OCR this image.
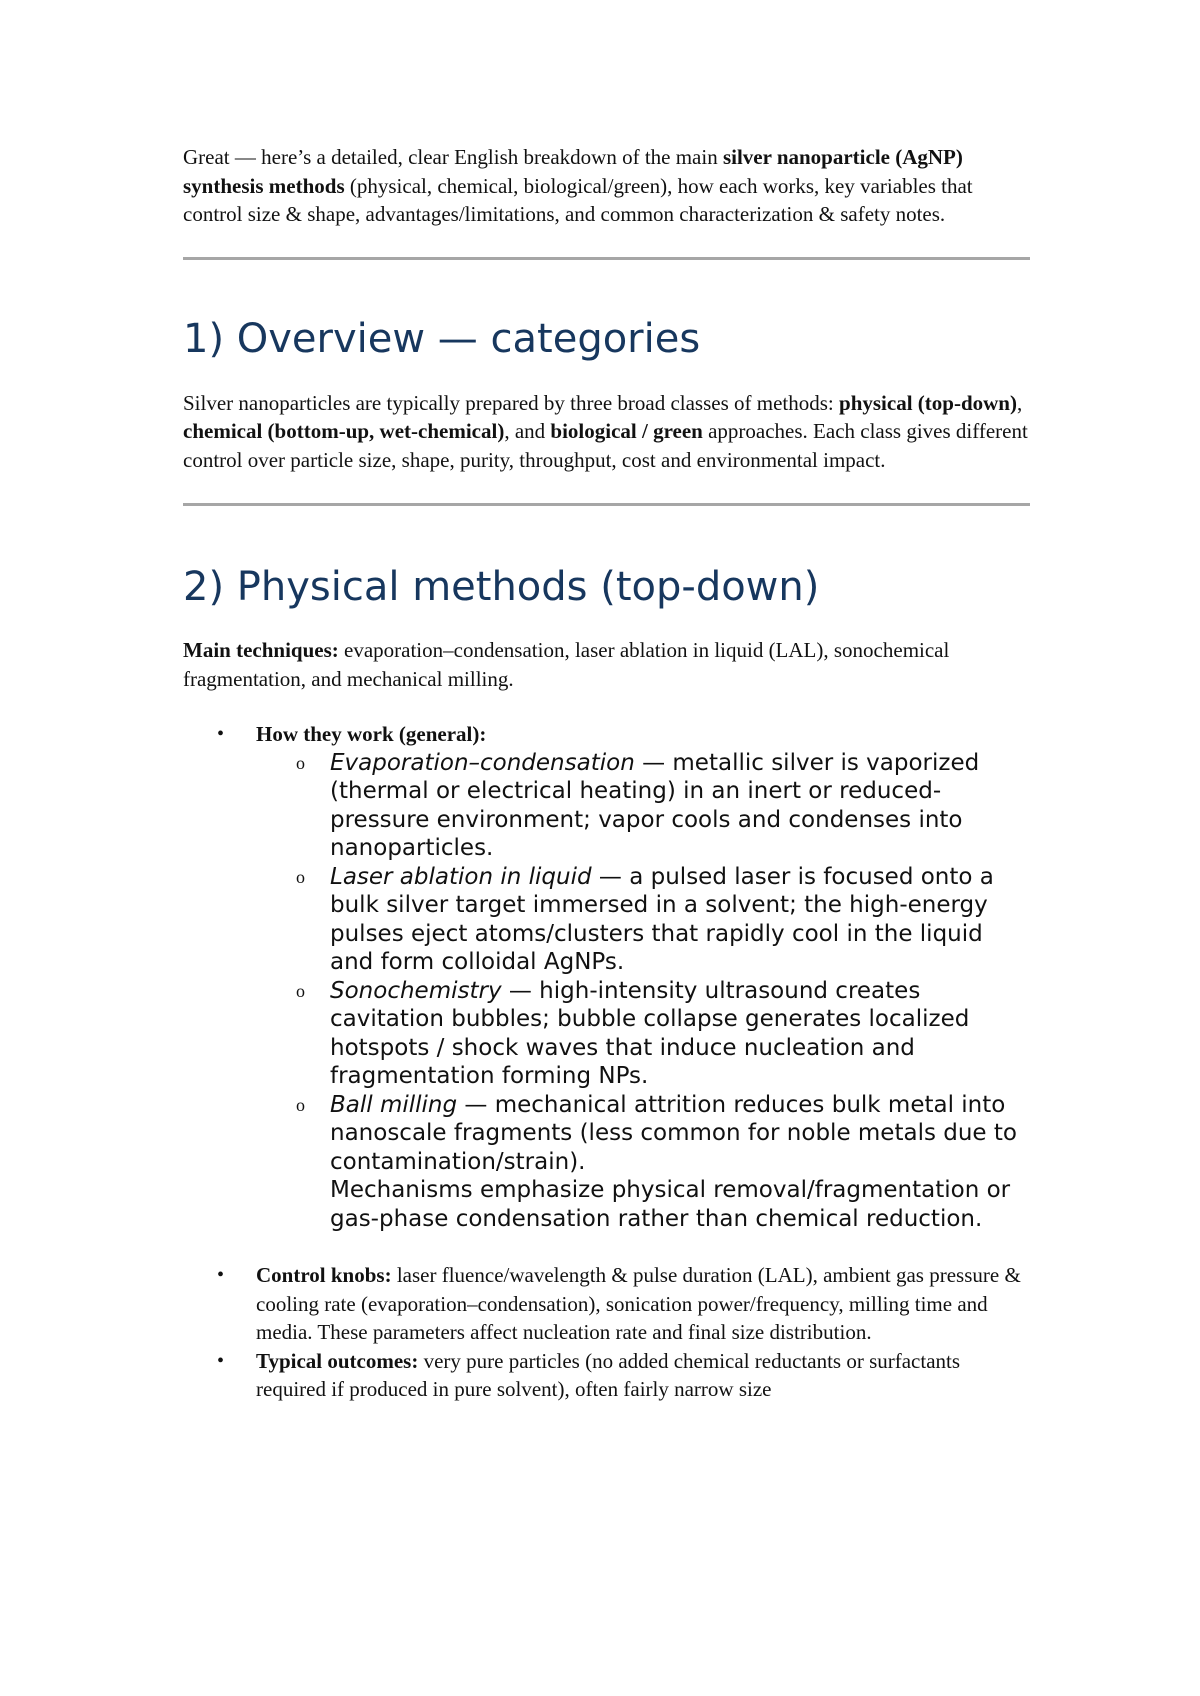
Great — here’s a detailed, clear English breakdown of the main silver nanoparticle (AgNP) synthesis methods (physical, chemical, biological/green), how each works, key variables that control size & shape, advantages/limitations, and common characterization & safety notes.

1) Overview — categories

Silver nanoparticles are typically prepared by three broad classes of methods: physical (top-down), chemical (bottom-up, wet-chemical), and biological / green approaches. Each class gives different control over particle size, shape, purity, throughput, cost and environmental impact.

2) Physical methods (top-down)

Main techniques: evaporation–condensation, laser ablation in liquid (LAL), sonochemical fragmentation, and mechanical milling.

• How they work (general):
o Evaporation–condensation — metallic silver is vaporized (thermal or electrical heating) in an inert or reduced-pressure environment; vapor cools and condenses into nanoparticles.
o Laser ablation in liquid — a pulsed laser is focused onto a bulk silver target immersed in a solvent; the high-energy pulses eject atoms/clusters that rapidly cool in the liquid and form colloidal AgNPs.
o Sonochemistry — high-intensity ultrasound creates cavitation bubbles; bubble collapse generates localized hotspots / shock waves that induce nucleation and fragmentation forming NPs.
o Ball milling — mechanical attrition reduces bulk metal into nanoscale fragments (less common for noble metals due to contamination/strain).
Mechanisms emphasize physical removal/fragmentation or gas-phase condensation rather than chemical reduction.
• Control knobs: laser fluence/wavelength & pulse duration (LAL), ambient gas pressure & cooling rate (evaporation–condensation), sonication power/frequency, milling time and media. These parameters affect nucleation rate and final size distribution.
• Typical outcomes: very pure particles (no added chemical reductants or surfactants required if produced in pure solvent), often fairly narrow size
